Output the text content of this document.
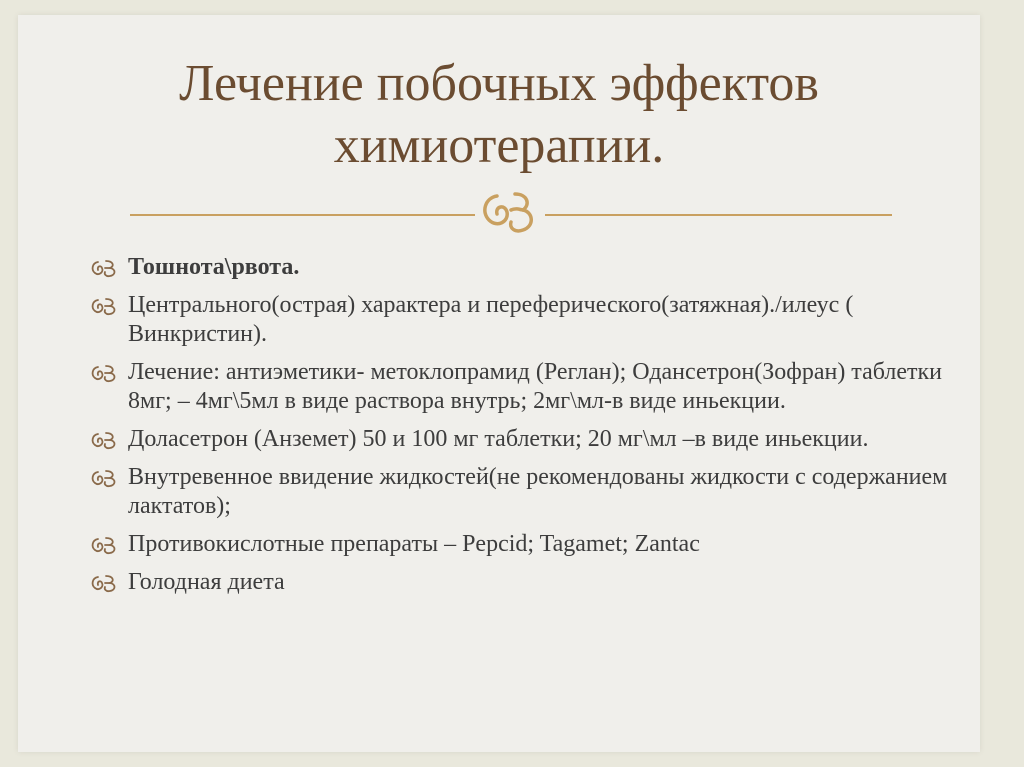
Лечение побочных эффектов химиотерапии.
Тошнота\рвота.
Центрального(острая) характера и переферического(затяжная)./илеус ( Винкристин).
Лечение: антиэметики- метоклопрамид (Реглан); Одансетрон(Зофран) таблетки 8мг; – 4мг\5мл в виде раствора внутрь; 2мг\мл-в виде иньекции.
Доласетрон (Анземет) 50 и 100 мг таблетки; 20 мг\мл –в виде иньекции.
Внутревенное ввидение жидкостей(не рекомендованы жидкости с содержанием лактатов);
Противокислотные препараты – Pepcid; Tagamet; Zantac
Голодная диета
